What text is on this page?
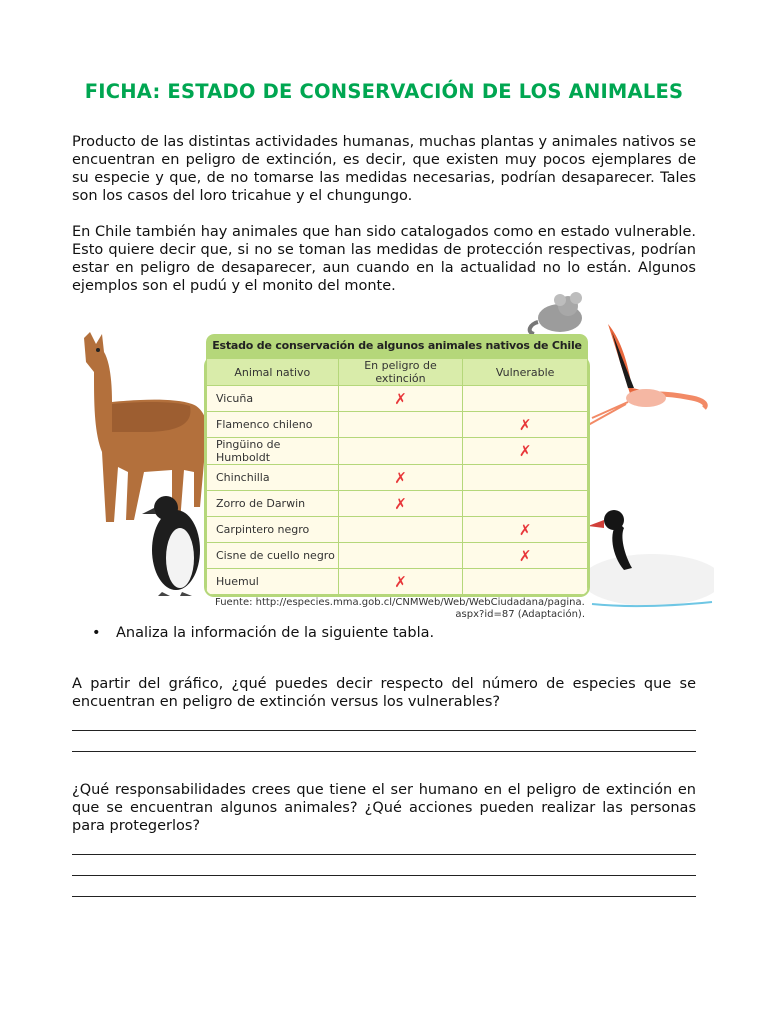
FICHA: ESTADO DE CONSERVACIÓN DE LOS ANIMALES

Producto de las distintas actividades humanas, muchas plantas y animales nativos se encuentran en peligro de extinción, es decir, que existen muy pocos ejemplares de su especie y que, de no tomarse las medidas necesarias, podrían desaparecer. Tales son los casos del loro tricahue y el chungungo.

En Chile también hay animales que han sido catalogados como en estado vulnerable. Esto quiere decir que, si no se toman las medidas de protección respectivas, podrían estar en peligro de desaparecer, aun cuando en la actualidad no lo están. Algunos ejemplos son el pudú y el monito del monte.

Estado de conservación de algunos animales nativos de Chile
Animal nativo	En peligro de extinción	Vulnerable
Vicuña	✗	
Flamenco chileno		✗
Pingüino de Humboldt		✗
Chinchilla	✗	
Zorro de Darwin	✗	
Carpintero negro		✗
Cisne de cuello negro		✗
Huemul	✗	
Fuente: http://especies.mma.gob.cl/CNMWeb/Web/WebCiudadana/pagina.
aspx?id=87 (Adaptación).
• Analiza la información de la siguiente tabla.

A partir del gráfico, ¿qué puedes decir respecto del número de especies que se encuentran en peligro de extinción versus los vulnerables?

¿Qué responsabilidades crees que tiene el ser humano en el peligro de extinción en que se encuentran algunos animales? ¿Qué acciones pueden realizar las personas para protegerlos?
